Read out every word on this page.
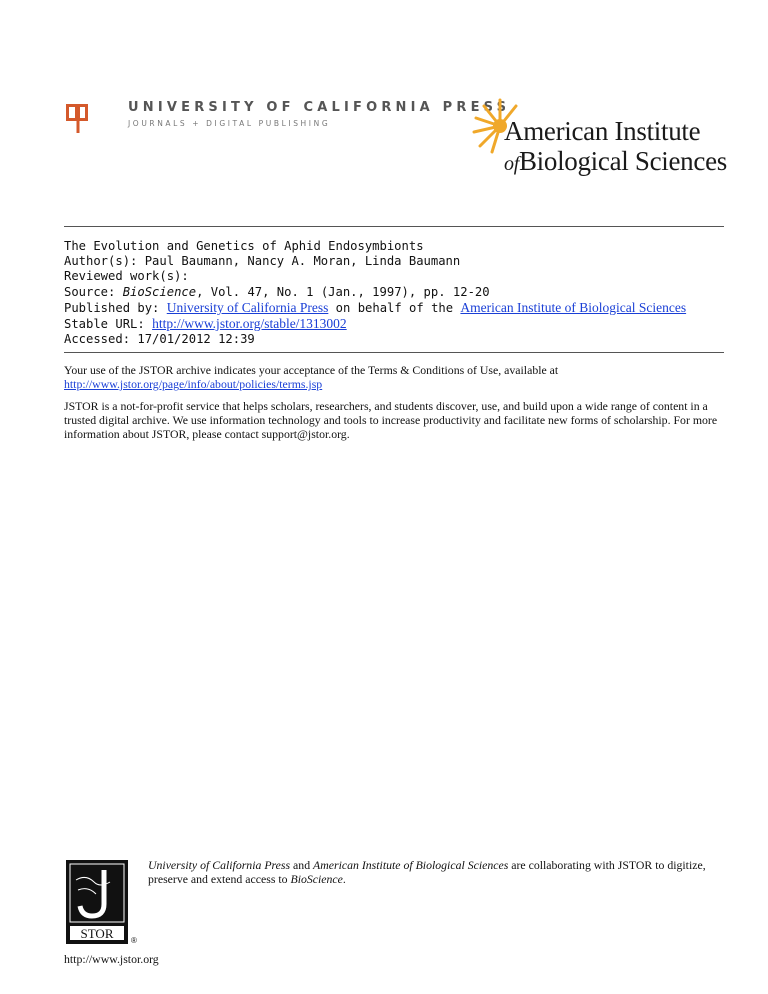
UNIVERSITY OF CALIFORNIA PRESS
JOURNALS + DIGITAL PUBLISHING	American Institute
ofBiological Sciences
The Evolution and Genetics of Aphid Endosymbionts
Author(s): Paul Baumann, Nancy A. Moran, Linda Baumann
Reviewed work(s):
Source: BioScience, Vol. 47, No. 1 (Jan., 1997), pp. 12-20
Published by: University of California Press on behalf of the American Institute of Biological Sciences
Stable URL: http://www.jstor.org/stable/1313002
Accessed: 17/01/2012 12:39
Your use of the JSTOR archive indicates your acceptance of the Terms & Conditions of Use, available at
http://www.jstor.org/page/info/about/policies/terms.jsp
JSTOR is a not-for-profit service that helps scholars, researchers, and students discover, use, and build upon a wide range of content in a trusted digital archive. We use information technology and tools to increase productivity and facilitate new forms of scholarship. For more information about JSTOR, please contact support@jstor.org.
STOR ®
University of California Press and American Institute of Biological Sciences are collaborating with JSTOR to digitize, preserve and extend access to BioScience.
http://www.jstor.org
